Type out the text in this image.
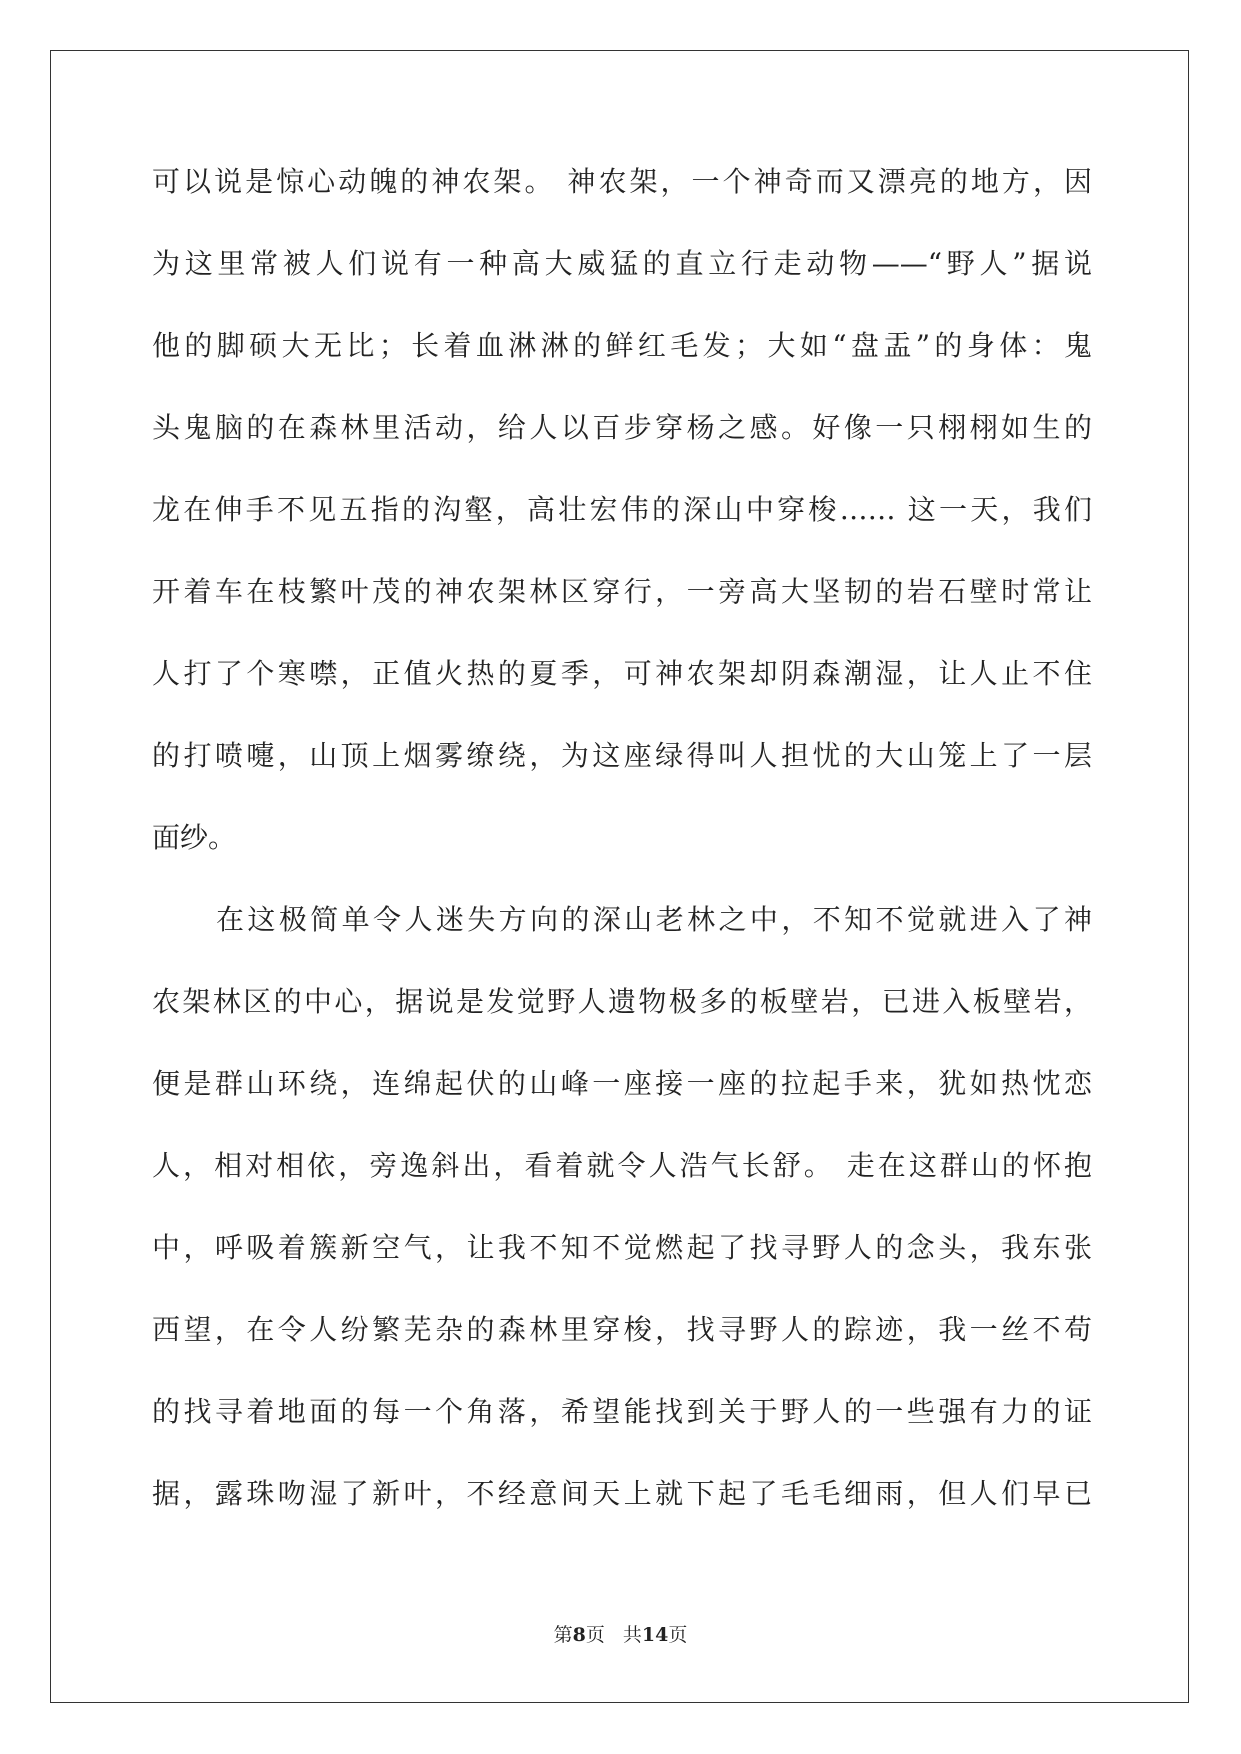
可以说是惊心动魄的神农架。 神农架，一个神奇而又漂亮的地方，因
为这里常被人们说有一种高大威猛的直立行走动物——“野人”据说
他的脚硕大无比；长着血淋淋的鲜红毛发；大如“盘盂”的身体：鬼
头鬼脑的在森林里活动，给人以百步穿杨之感。好像一只栩栩如生的
龙在伸手不见五指的沟壑，高壮宏伟的深山中穿梭…… 这一天，我们
开着车在枝繁叶茂的神农架林区穿行，一旁高大坚韧的岩石壁时常让
人打了个寒噤，正值火热的夏季，可神农架却阴森潮湿，让人止不住
的打喷嚏，山顶上烟雾缭绕，为这座绿得叫人担忧的大山笼上了一层
面纱。
在这极简单令人迷失方向的深山老林之中，不知不觉就进入了神
农架林区的中心，据说是发觉野人遗物极多的板壁岩，已进入板壁岩，
便是群山环绕，连绵起伏的山峰一座接一座的拉起手来，犹如热忱恋
人，相对相依，旁逸斜出，看着就令人浩气长舒。 走在这群山的怀抱
中，呼吸着簇新空气，让我不知不觉燃起了找寻野人的念头，我东张
西望，在令人纷繁芜杂的森林里穿梭，找寻野人的踪迹，我一丝不苟
的找寻着地面的每一个角落，希望能找到关于野人的一些强有力的证
据，露珠吻湿了新叶，不经意间天上就下起了毛毛细雨，但人们早已
第8页 共14页
